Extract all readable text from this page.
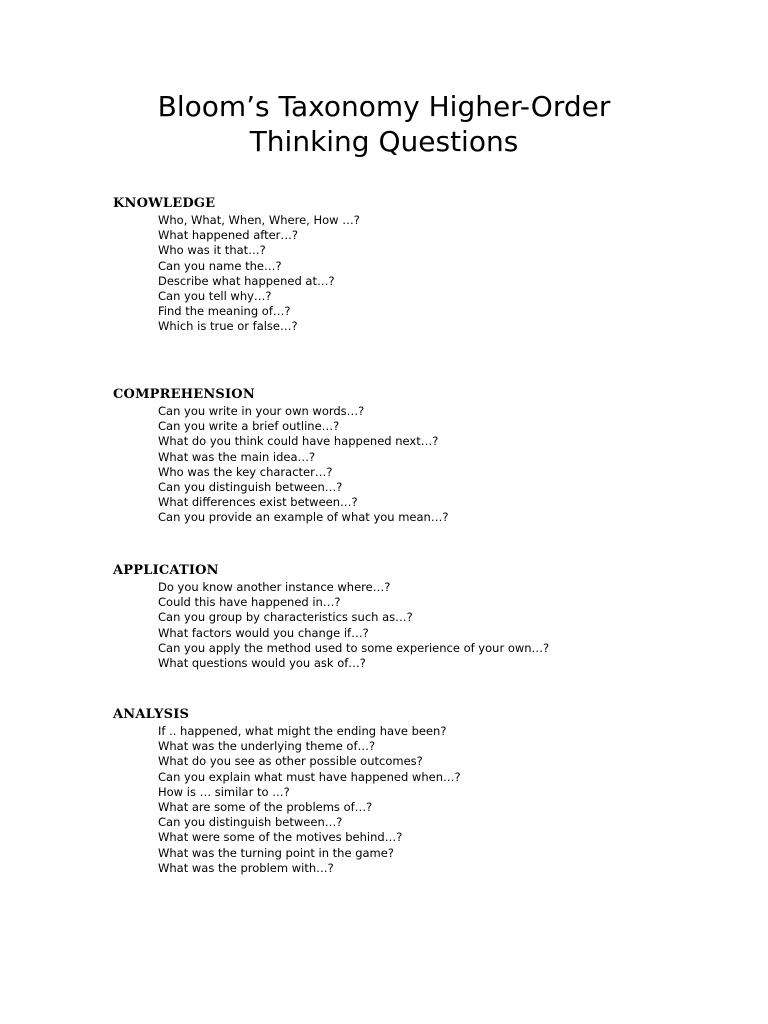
Bloom’s Taxonomy Higher-Order
Thinking Questions
KNOWLEDGE
Who, What, When, Where, How …?
What happened after…?
Who was it that…?
Can you name the…?
Describe what happened at…?
Can you tell why…?
Find the meaning of…?
Which is true or false…?
COMPREHENSION
Can you write in your own words…?
Can you write a brief outline…?
What do you think could have happened next…?
What was the main idea…?
Who was the key character…?
Can you distinguish between…?
What differences exist between…?
Can you provide an example of what you mean…?
APPLICATION
Do you know another instance where…?
Could this have happened in…?
Can you group by characteristics such as…?
What factors would you change if…?
Can you apply the method used to some experience of your own…?
What questions would you ask of…?
ANALYSIS
If .. happened, what might the ending have been?
What was the underlying theme of…?
What do you see as other possible outcomes?
Can you explain what must have happened when…?
How is … similar to …?
What are some of the problems of…?
Can you distinguish between…?
What were some of the motives behind…?
What was the turning point in the game?
What was the problem with…?
